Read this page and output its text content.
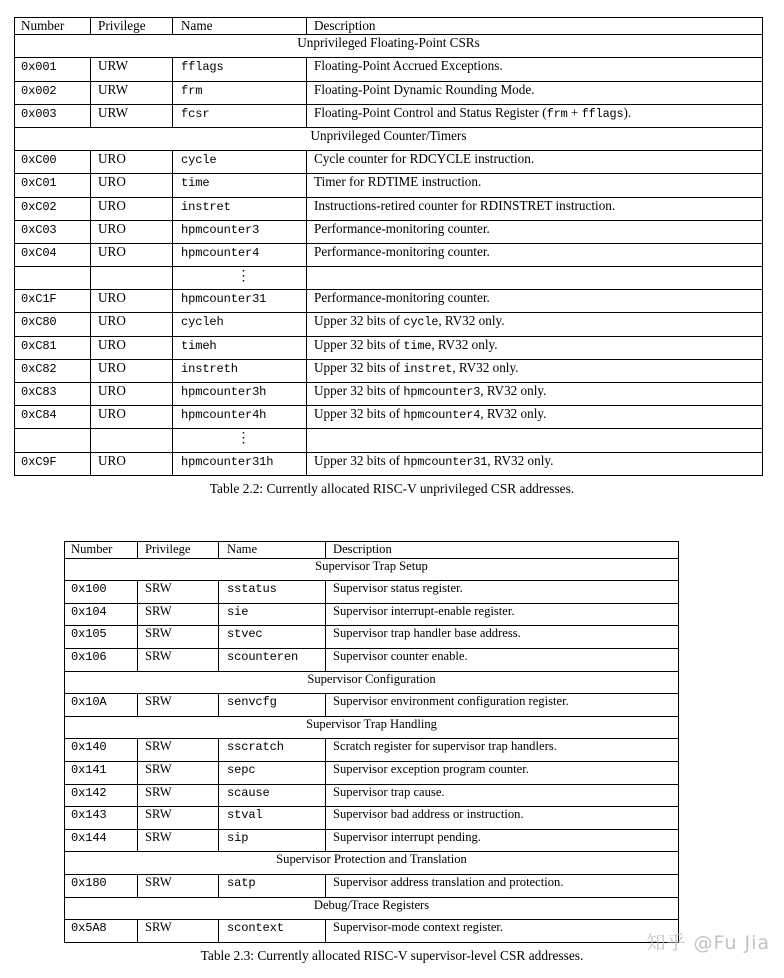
Number	Privilege	Name	Description
Unprivileged Floating-Point CSRs			
0x001	URW	fflags	Floating-Point Accrued Exceptions.
0x002	URW	frm	Floating-Point Dynamic Rounding Mode.
0x003	URW	fcsr	Floating-Point Control and Status Register (frm + fflags).
Unprivileged Counter/Timers			
0xC00	URO	cycle	Cycle counter for RDCYCLE instruction.
0xC01	URO	time	Timer for RDTIME instruction.
0xC02	URO	instret	Instructions-retired counter for RDINSTRET instruction.
0xC03	URO	hpmcounter3	Performance-monitoring counter.
0xC04	URO	hpmcounter4	Performance-monitoring counter.

		⋮	

0xC1F	URO	hpmcounter31	Performance-monitoring counter.
0xC80	URO	cycleh	Upper 32 bits of cycle, RV32 only.
0xC81	URO	timeh	Upper 32 bits of time, RV32 only.
0xC82	URO	instreth	Upper 32 bits of instret, RV32 only.
0xC83	URO	hpmcounter3h	Upper 32 bits of hpmcounter3, RV32 only.
0xC84	URO	hpmcounter4h	Upper 32 bits of hpmcounter4, RV32 only.

		⋮	

0xC9F	URO	hpmcounter31h	Upper 32 bits of hpmcounter31, RV32 only.
Table 2.2: Currently allocated RISC-V unprivileged CSR addresses.
Number	Privilege	Name	Description
Supervisor Trap Setup			
0x100	SRW	sstatus	Supervisor status register.
0x104	SRW	sie	Supervisor interrupt-enable register.
0x105	SRW	stvec	Supervisor trap handler base address.
0x106	SRW	scounteren	Supervisor counter enable.
Supervisor Configuration			
0x10A	SRW	senvcfg	Supervisor environment configuration register.
Supervisor Trap Handling			
0x140	SRW	sscratch	Scratch register for supervisor trap handlers.
0x141	SRW	sepc	Supervisor exception program counter.
0x142	SRW	scause	Supervisor trap cause.
0x143	SRW	stval	Supervisor bad address or instruction.
0x144	SRW	sip	Supervisor interrupt pending.
Supervisor Protection and Translation			
0x180	SRW	satp	Supervisor address translation and protection.
Debug/Trace Registers			
0x5A8	SRW	scontext	Supervisor-mode context register.
Table 2.3: Currently allocated RISC-V supervisor-level CSR addresses.
知乎 @Fu Jia
